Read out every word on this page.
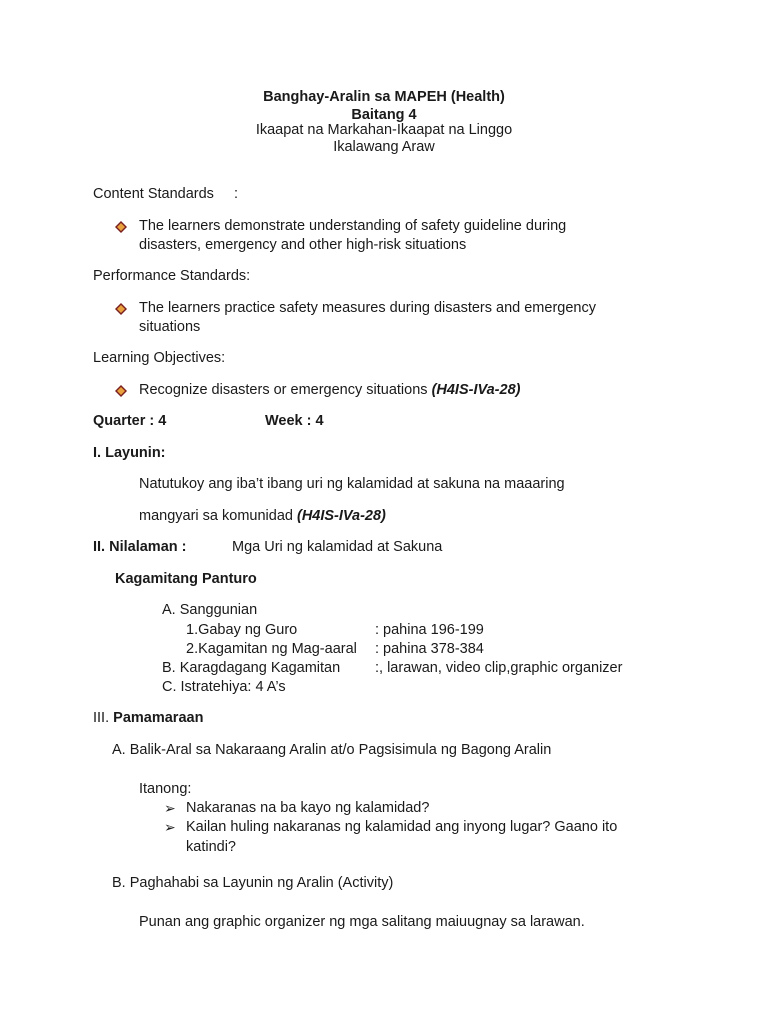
Banghay-Aralin sa MAPEH (Health)
Baitang 4
Ikaapat na Markahan-Ikaapat na Linggo
Ikalawang Araw
Content Standards :
The learners demonstrate understanding of safety guideline during
disasters, emergency and other high-risk situations
Performance Standards:
The learners practice safety measures during disasters and emergency
situations
Learning Objectives:
Recognize disasters or emergency situations (H4IS-IVa-28)
Quarter : 4	Week : 4
I. Layunin:
Natutukoy ang iba’t ibang uri ng kalamidad at sakuna na maaaring
mangyari sa komunidad (H4IS-IVa-28)
II. Nilalaman :	Mga Uri ng kalamidad at Sakuna
Kagamitang Panturo
A. Sanggunian
1.Gabay ng Guro	: pahina 196-199
2.Kagamitan ng Mag-aaral : pahina 378-384
B. Karagdagang Kagamitan :, larawan, video clip,graphic organizer
C. Istratehiya: 4 A’s
III. Pamamaraan
A. Balik-Aral sa Nakaraang Aralin at/o Pagsisimula ng Bagong Aralin
Itanong:
➢ Nakaranas na ba kayo ng kalamidad?
➢ Kailan huling nakaranas ng kalamidad ang inyong lugar? Gaano ito
katindi?
B. Paghahabi sa Layunin ng Aralin (Activity)
Punan ang graphic organizer ng mga salitang maiuugnay sa larawan.
